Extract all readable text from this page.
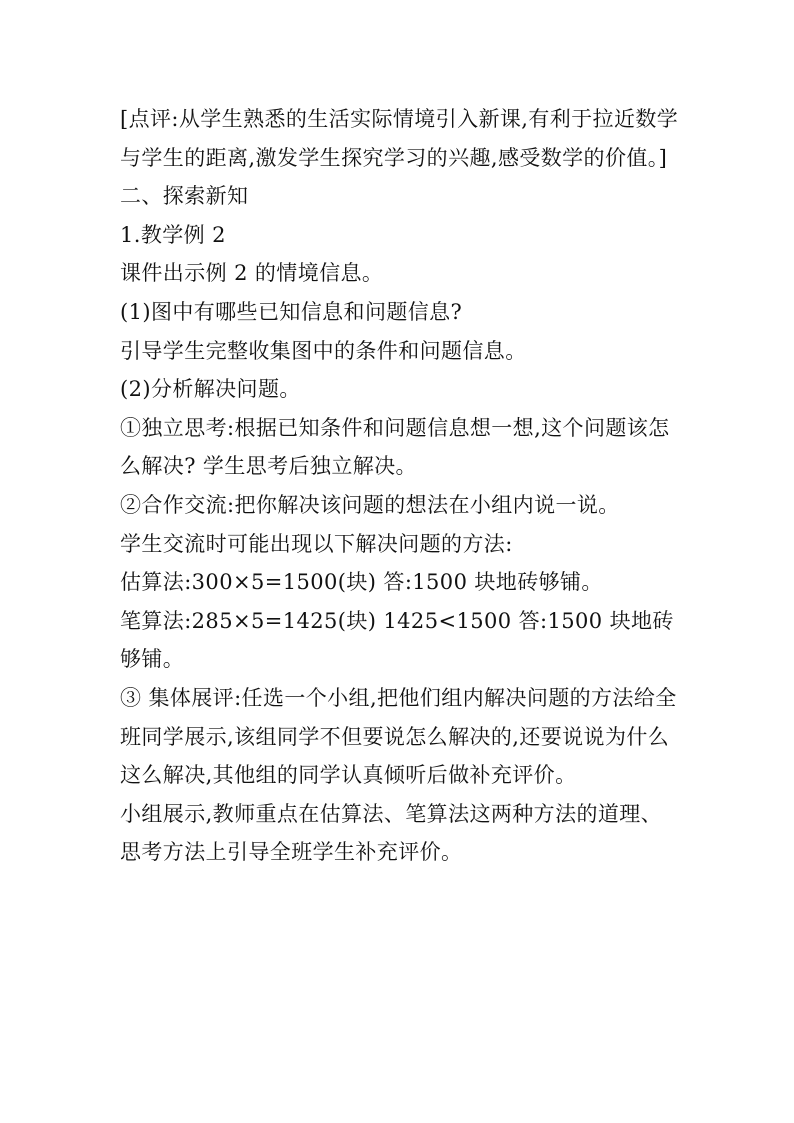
[点评:从学生熟悉的生活实际情境引入新课,有利于拉近数学与学生的距离,激发学生探究学习的兴趣,感受数学的价值。]

二、探索新知

1.教学例 2

课件出示例 2 的情境信息。

(1)图中有哪些已知信息和问题信息?

引导学生完整收集图中的条件和问题信息。

(2)分析解决问题。

①独立思考:根据已知条件和问题信息想一想,这个问题该怎么解决? 学生思考后独立解决。

②合作交流:把你解决该问题的想法在小组内说一说。

学生交流时可能出现以下解决问题的方法:

估算法:300×5=1500(块) 答:1500 块地砖够铺。

笔算法:285×5=1425(块) 1425<1500 答:1500 块地砖够铺。

③ 集体展评:任选一个小组,把他们组内解决问题的方法给全班同学展示,该组同学不但要说怎么解决的,还要说说为什么这么解决,其他组的同学认真倾听后做补充评价。

小组展示,教师重点在估算法、笔算法这两种方法的道理、思考方法上引导全班学生补充评价。
